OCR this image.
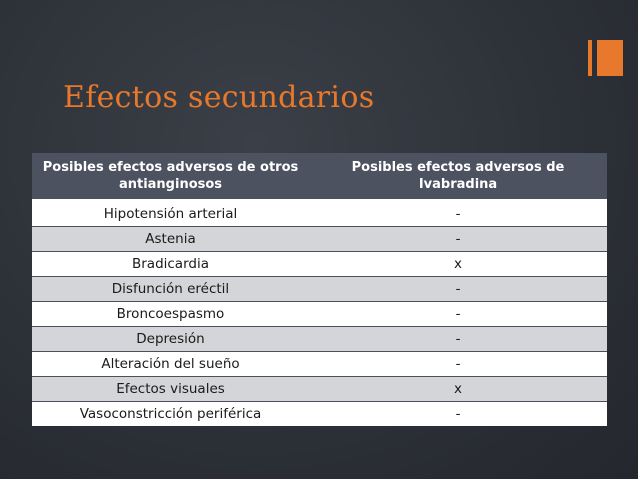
Efectos secundarios
Posibles efectos adversos de otros antianginosos	Posibles efectos adversos de Ivabradina
Hipotensión arterial	-
Astenia	-
Bradicardia	x
Disfunción eréctil	-
Broncoespasmo	-
Depresión	-
Alteración del sueño	-
Efectos visuales	x
Vasoconstricción periférica	-
